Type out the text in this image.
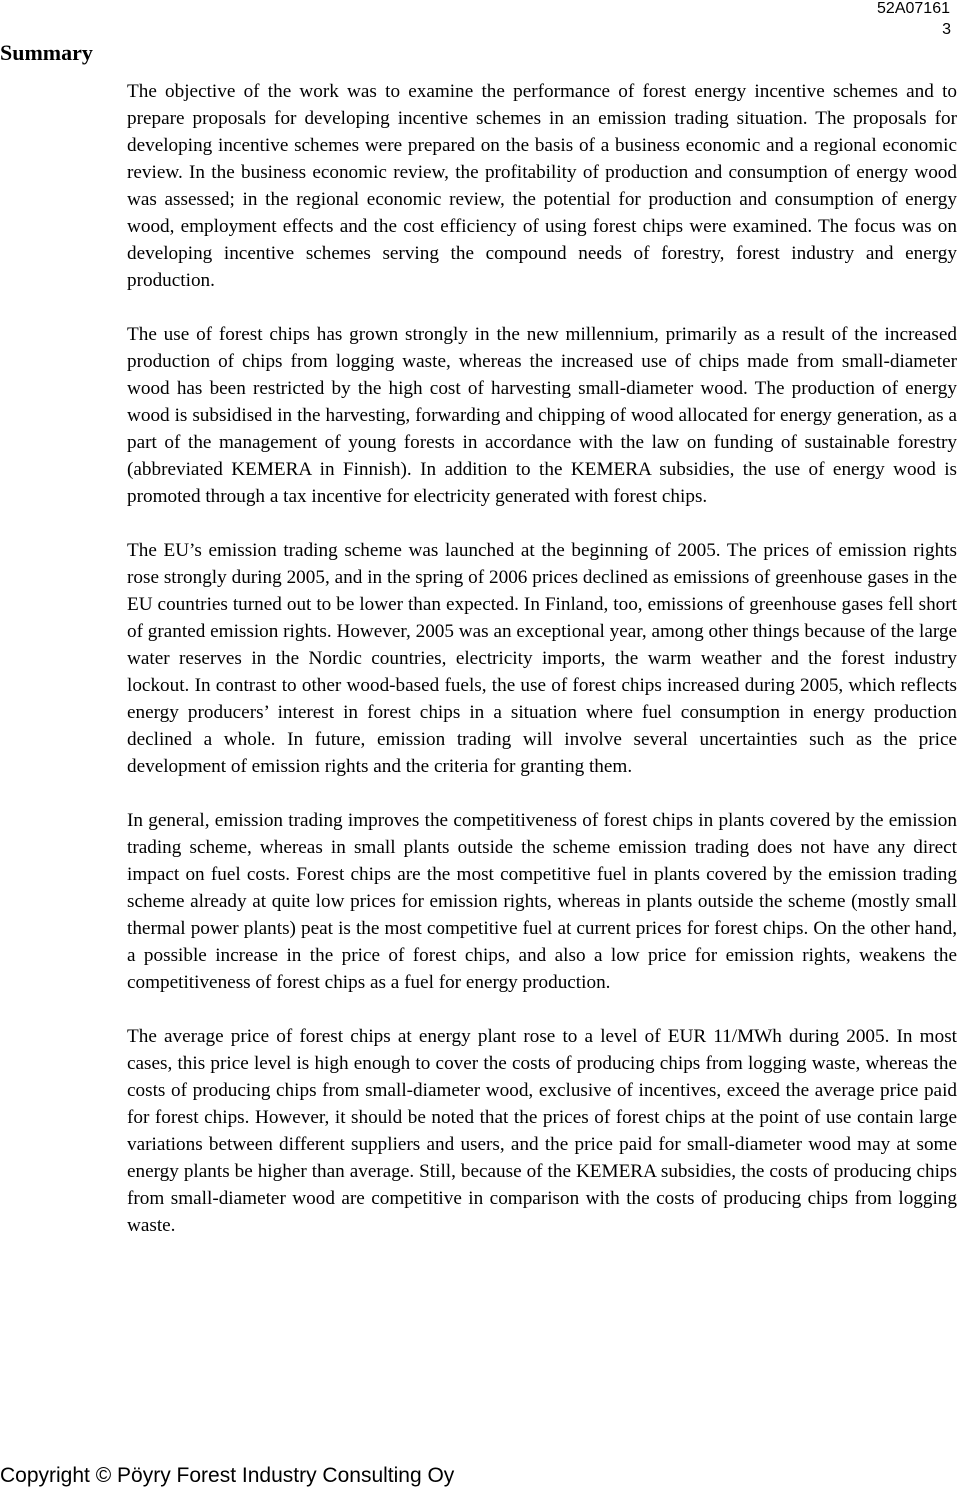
52A07161
3
Summary

The objective of the work was to examine the performance of forest energy incentive schemes and to prepare proposals for developing incentive schemes in an emission trading situation. The proposals for developing incentive schemes were prepared on the basis of a business economic and a regional economic review. In the business economic review, the profitability of production and consumption of energy wood was assessed; in the regional economic review, the potential for production and consumption of energy wood, employment effects and the cost efficiency of using forest chips were examined. The focus was on developing incentive schemes serving the compound needs of forestry, forest industry and energy production.

The use of forest chips has grown strongly in the new millennium, primarily as a result of the increased production of chips from logging waste, whereas the increased use of chips made from small-diameter wood has been restricted by the high cost of harvesting small-diameter wood. The production of energy wood is subsidised in the harvesting, forwarding and chipping of wood allocated for energy generation, as a part of the management of young forests in accordance with the law on funding of sustainable forestry (abbreviated KEMERA in Finnish). In addition to the KEMERA subsidies, the use of energy wood is promoted through a tax incentive for electricity generated with forest chips.

The EU’s emission trading scheme was launched at the beginning of 2005. The prices of emission rights rose strongly during 2005, and in the spring of 2006 prices declined as emissions of greenhouse gases in the EU countries turned out to be lower than expected. In Finland, too, emissions of greenhouse gases fell short of granted emission rights. However, 2005 was an exceptional year, among other things because of the large water reserves in the Nordic countries, electricity imports, the warm weather and the forest industry lockout. In contrast to other wood-based fuels, the use of forest chips increased during 2005, which reflects energy producers’ interest in forest chips in a situation where fuel consumption in energy production declined a whole. In future, emission trading will involve several uncertainties such as the price development of emission rights and the criteria for granting them.

In general, emission trading improves the competitiveness of forest chips in plants covered by the emission trading scheme, whereas in small plants outside the scheme emission trading does not have any direct impact on fuel costs. Forest chips are the most competitive fuel in plants covered by the emission trading scheme already at quite low prices for emission rights, whereas in plants outside the scheme (mostly small thermal power plants) peat is the most competitive fuel at current prices for forest chips. On the other hand, a possible increase in the price of forest chips, and also a low price for emission rights, weakens the competitiveness of forest chips as a fuel for energy production.

The average price of forest chips at energy plant rose to a level of EUR 11/MWh during 2005. In most cases, this price level is high enough to cover the costs of producing chips from logging waste, whereas the costs of producing chips from small-diameter wood, exclusive of incentives, exceed the average price paid for forest chips. However, it should be noted that the prices of forest chips at the point of use contain large variations between different suppliers and users, and the price paid for small-diameter wood may at some energy plants be higher than average. Still, because of the KEMERA subsidies, the costs of producing chips from small-diameter wood are competitive in comparison with the costs of producing chips from logging waste.

Copyright © Pöyry Forest Industry Consulting Oy
